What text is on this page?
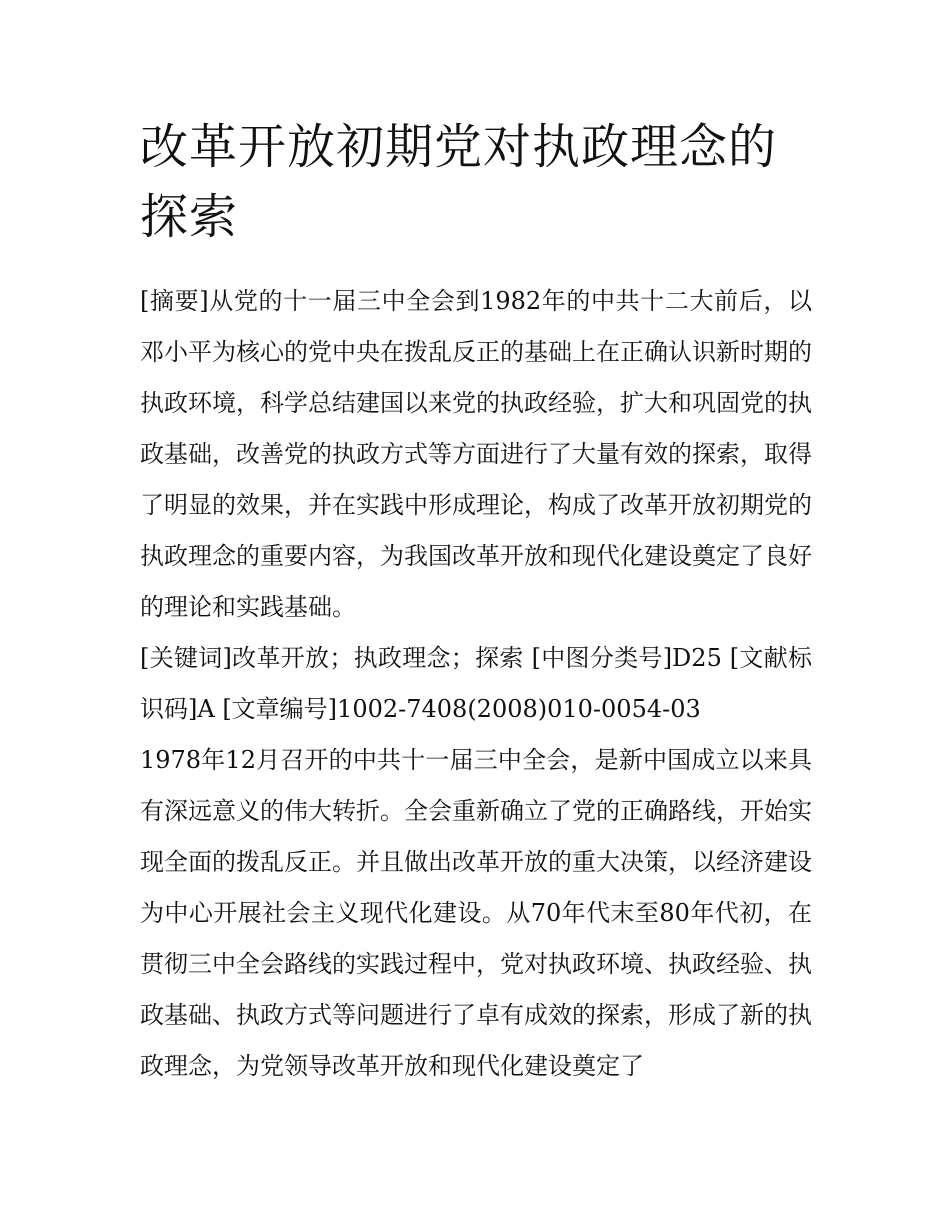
改革开放初期党对执政理念的探索

[摘要]从党的十一届三中全会到1982年的中共十二大前后，以邓小平为核心的党中央在拨乱反正的基础上在正确认识新时期的执政环境，科学总结建国以来党的执政经验，扩大和巩固党的执政基础，改善党的执政方式等方面进行了大量有效的探索，取得了明显的效果，并在实践中形成理论，构成了改革开放初期党的执政理念的重要内容，为我国改革开放和现代化建设奠定了良好的理论和实践基础。

[关键词]改革开放；执政理念；探索 [中图分类号]D25 [文献标识码]A [文章编号]1002-7408(2008)010-0054-03

1978年12月召开的中共十一届三中全会，是新中国成立以来具有深远意义的伟大转折。全会重新确立了党的正确路线，开始实现全面的拨乱反正。并且做出改革开放的重大决策，以经济建设为中心开展社会主义现代化建设。从70年代末至80年代初，在贯彻三中全会路线的实践过程中，党对执政环境、执政经验、执政基础、执政方式等问题进行了卓有成效的探索，形成了新的执政理念，为党领导改革开放和现代化建设奠定了
